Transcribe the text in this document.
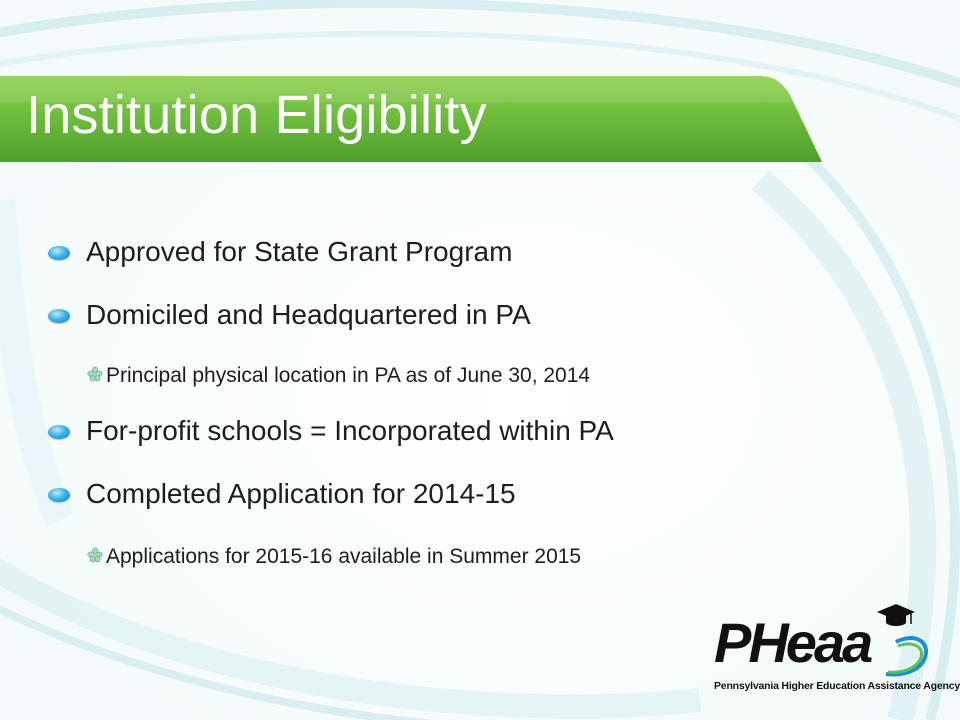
Institution Eligibility
Approved for State Grant Program
Domiciled and Headquartered in PA
Principal physical location in PA as of June 30, 2014
For-profit schools = Incorporated within PA
Completed Application for 2014-15
Applications for 2015-16 available in Summer 2015
PHeaa
Pennsylvania Higher Education Assistance Agency
